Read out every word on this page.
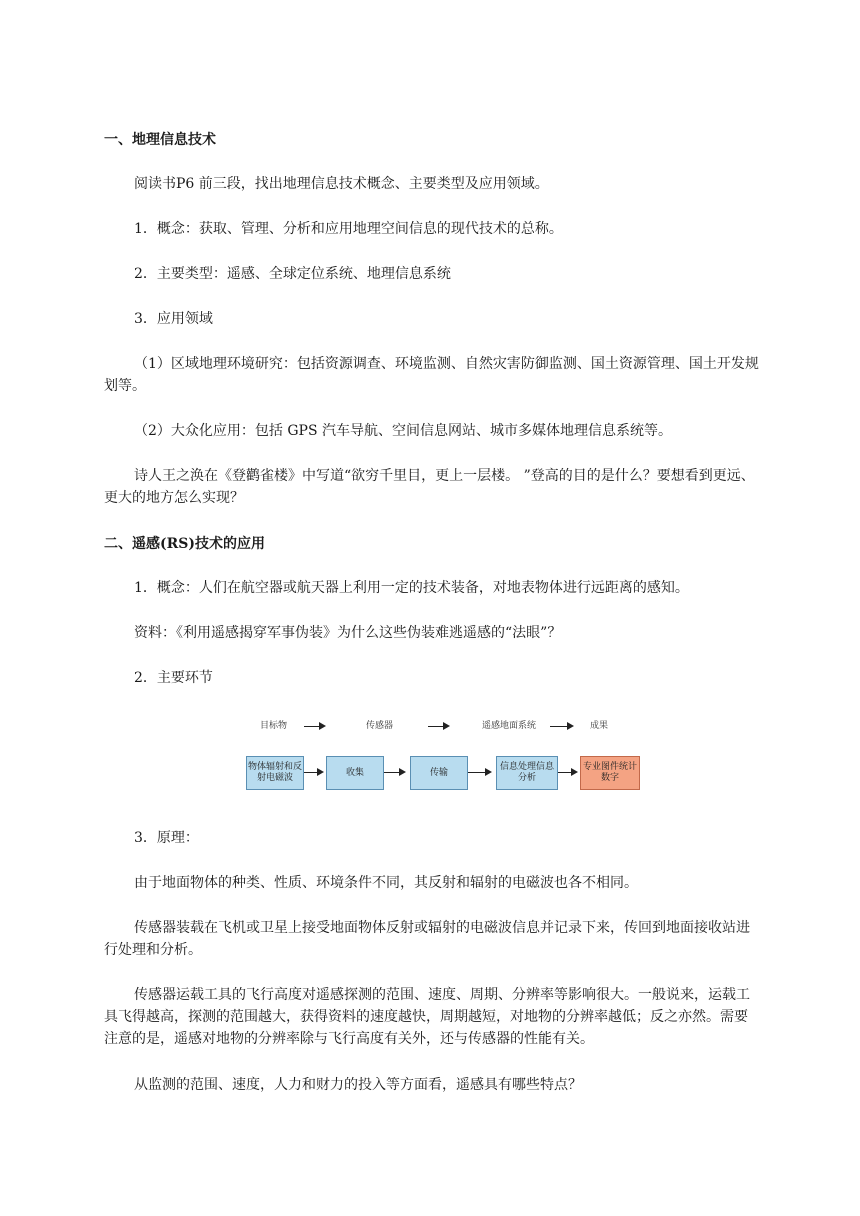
一、地理信息技术

阅读书P6 前三段，找出地理信息技术概念、主要类型及应用领域。

1．概念：获取、管理、分析和应用地理空间信息的现代技术的总称。

2．主要类型：遥感、全球定位系统、地理信息系统

3．应用领域

（1）区域地理环境研究：包括资源调查、环境监测、自然灾害防御监测、国土资源管理、国土开发规划等。

（2）大众化应用：包括 GPS 汽车导航、空间信息网站、城市多媒体地理信息系统等。

诗人王之涣在《登鹳雀楼》中写道“欲穷千里目，更上一层楼。 ”登高的目的是什么？要想看到更远、更大的地方怎么实现？

二、遥感(RS)技术的应用

1．概念：人们在航空器或航天器上利用一定的技术装备，对地表物体进行远距离的感知。

资料：《利用遥感揭穿军事伪装》为什么这些伪装难逃遥感的“法眼”？

2．主要环节

目标物	传感器	遥感地面系统	成果
物体辐射和反射电磁波
收集	传输
信息处理信息分析
专业图件统计数字

3．原理：

由于地面物体的种类、性质、环境条件不同，其反射和辐射的电磁波也各不相同。

传感器装载在飞机或卫星上接受地面物体反射或辐射的电磁波信息并记录下来，传回到地面接收站进行处理和分析。

传感器运载工具的飞行高度对遥感探测的范围、速度、周期、分辨率等影响很大。一般说来，运载工具飞得越高，探测的范围越大，获得资料的速度越快，周期越短，对地物的分辨率越低；反之亦然。需要注意的是，遥感对地物的分辨率除与飞行高度有关外，还与传感器的性能有关。

从监测的范围、速度，人力和财力的投入等方面看，遥感具有哪些特点？
